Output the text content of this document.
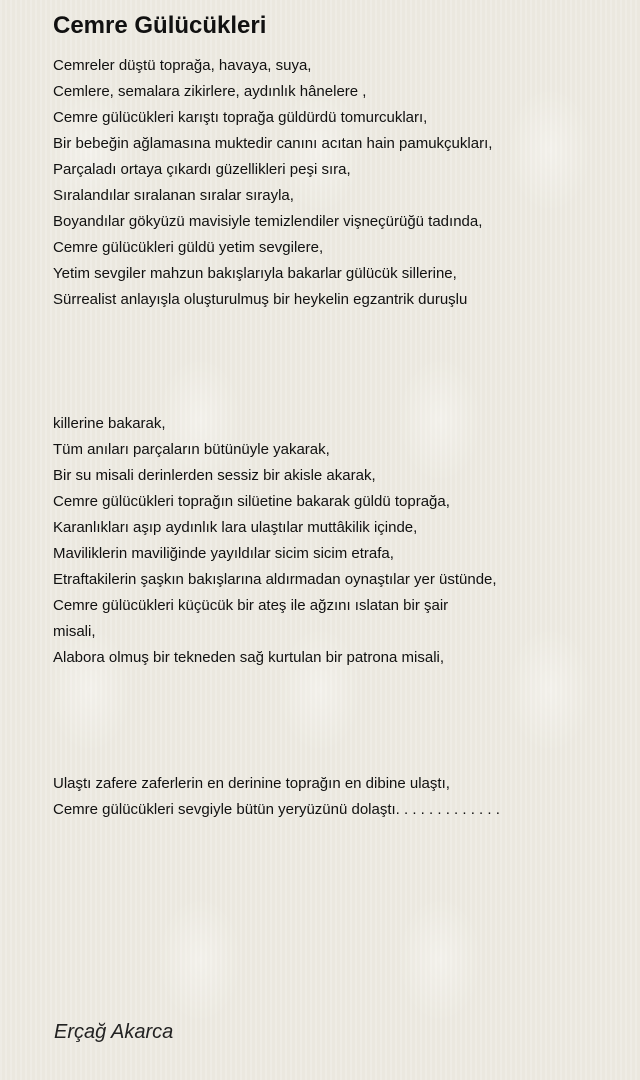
Cemre Gülücükleri
Cemreler düştü toprağa, havaya, suya,
Cemlere, semalara zikirlere, aydınlık hânelere ,
Cemre gülücükleri karıştı toprağa güldürdü tomurcukları,
Bir bebeğin ağlamasına muktedir canını acıtan hain pamukçukları,
Parçaladı ortaya çıkardı güzellikleri peşi sıra,
Sıralandılar sıralanan sıralar sırayla,
Boyandılar gökyüzü mavisiyle temizlendiler vişneçürüğü tadında,
Cemre gülücükleri güldü yetim sevgilere,
Yetim sevgiler mahzun bakışlarıyla bakarlar gülücük sillerine,
Sürrealist anlayışla oluşturulmuş bir heykelin egzantrik duruşlu
killerine bakarak,
Tüm anıları parçaların bütünüyle yakarak,
Bir su misali derinlerden sessiz bir akisle akarak,
Cemre gülücükleri toprağın silüetine bakarak güldü toprağa,
Karanlıkları aşıp aydınlık lara ulaştılar muttâkilik içinde,
Maviliklerin maviliğinde yayıldılar sicim sicim etrafa,
Etraftakilerin şaşkın bakışlarına aldırmadan oynaştılar yer üstünde,
Cemre gülücükleri küçücük bir ateş ile ağzını ıslatan bir şair
misali,
Alabora olmuş bir tekneden sağ kurtulan bir patrona misali,
Ulaştı zafere zaferlerin en derinine toprağın en dibine ulaştı,
Cemre gülücükleri sevgiyle bütün yeryüzünü dolaştı. . . . . . . . . . . . .
Erçağ Akarca
